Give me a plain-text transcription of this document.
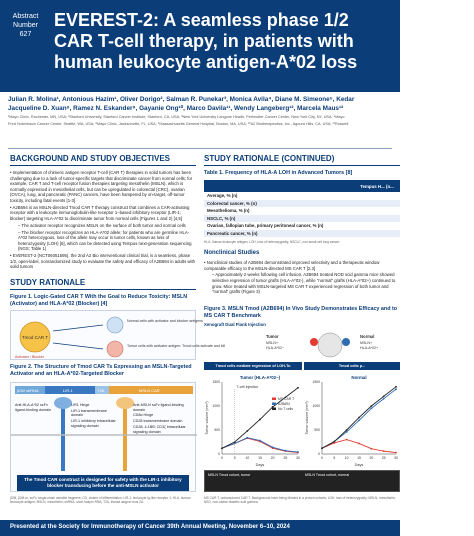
Abstract
Number
627
EVEREST-2: A seamless phase 1/2
CAR T-cell therapy, in patients with
human leukocyte antigen-A*02 loss
Julian R. Molina¹, Antonious Hazim¹, Oliver Dorigo², Salman R. Punekar³, Monica Avila⁴, Diane M. Simeone⁵, Kedar
Jacqueline D. Xuan⁸, Ramez N. Eskander⁹, Gayanie Ong¹⁰, Marco Davila¹¹, Wendy Langeberg¹², Marcela Maus¹²
¹Mayo Clinic, Rochester, MN, USA; ²Stanford University, Stanford Cancer Institute, Stanford, CA, USA; ³New York University Langone Health, Perlmutter Cancer Center, New York City, NY, USA; ⁴Mayo
Fred Hutchinson Cancer Center, Seattle, WA, USA; ⁸Mayo Clinic, Jacksonville, FL, USA; ⁹Massachusetts General Hospital, Boston, MA, USA; ¹⁰A2 Biotherapeutics, Inc., Agoura Hills, CA, USA; ¹¹Roswell
BACKGROUND AND STUDY OBJECTIVES

• Implementation of chimeric antigen receptor T-cell (CAR T) therapies in solid tumors has been challenging due to a lack of tumor-specific targets that discriminate cancer from normal cells; for example, CAR T and T-cell receptor fusion therapies targeting mesothelin (MSLN), which is normally expressed in mesothelial cells, but can be upregulated in colorectal (CRC), ovarian (OVCA), lung, and pancreatic (PANC) cancers, have been hampered by on-target, off-tumor toxicity, including fatal events [1-3]

• A2B694 is an MSLN-directed Tmod CAR T therapy construct that combines a CAR-activating receptor with a leukocyte immunoglobulin-like receptor 1–based inhibitory receptor (LIR-1; blocker) targeting HLA-A*02 to discriminate tumor from normal cells (Figures 1 and 2) [4,5]

– The activator receptor recognizes MSLN on the surface of both tumor and normal cells

– The blocker receptor recognizes an HLA-A*02 allele; for patients who are germline HLA-A*02 heterozygous, loss of the allele may occur in tumor cells, known as loss of heterozygosity (LOH) [6], which can be detected using Tempus next-generation sequencing (NGS; Table 1)

• EVEREST-2 (NCT06051695), the 2nd A2 Bio interventional clinical trial, is a seamless, phase 1/2, open-label, nonrandomized study to evaluate the safety and efficacy of A2B694 in adults with solid tumors

STUDY RATIONALE
Figure 1. Logic-Gated CAR T With the Goal to Reduce Toxicity: MSLN (Activator) and HLA-A*02 (Blocker) [4]
Tmod CAR T
Normal cells with activator and blocker antigens
Tumor cells with activator antigen: Tmod cells activate and kill
Activator / Blocker
Figure 2. The Structure of Tmod CAR Ts Expressing an MSLN-Targeted Activator and an HLA-A*02-Targeted Blocker
β2M shRNA	LIR-1	T2A	MSLN CAR

Anti-HLA-A*02 scFv ligand-binding domain

LIR1 Hinge

LIR-1 transmembrane domain

LIR-1 inhibitory intracellular signaling domain

Anti-MSLN scFv ligand-binding domain

CD8α Hinge

CD28 transmembrane domain

CD28; 4-1BB; CD3ζ intracellular signaling domain

The Tmod CAR construct is designed for safety with the LIR-1 inhibitory blocker transducing before the anti-MSLN activator
β2M, β2M-m; scFv, single-chain variable fragment; CD, cluster of differentiation; LIR-1, leukocyte Ig-like receptor 1; HLA, human leukocyte antigen; MSLN, mesothelin; shRNA, short hairpin RNA; T2A, thosea asigna virus 2A.
STUDY RATIONALE (CONTINUED)
Table 1. Frequency of HLA-A LOH in Advanced Tumors [8]
	Tempus H... (n...
Average, % (n)	
Colorectal cancer, % (n)	
Mesothelioma, % (n)	
NSCLC, % (n)	
Ovarian, fallopian tube, primary peritoneal cancer, % (n)	
Pancreatic cancer, % (n)	
HLA, human leukocyte antigen; LOH, loss of heterozygosity; NSCLC, non-small cell lung cancer.
Nonclinical Studies

• Nonclinical studies of A2B694 demonstrated improved selectivity and a therapeutic window comparable efficacy to the MSLN-directed MS CAR T [2,3]

– Approximately 2 weeks following cell infusion, A2B694 treated NOD scid gamma mice showed selective regression of tumor grafts (HLA-A*02-), while "normal" grafts (HLA-A*02+) continued to grow. Mice treated with MSLN-targeted MS CAR T experienced regression of both tumor and "normal" grafts (Figure 3)

Figure 3. MSLN Tmod (A2B694) In Vivo Study Demonstrates Efficacy and to MS CAR T Benchmark
Xenograft Dual Flank Injection
Tumor
MSLN+
HLA-A*02−
Normal
MSLN+
HLA-A*02+
Tmod cells mediate regression of LOH-Tu	Tmod cells p...
Tumor (HLA-A*02−)
0
500
1000
1500
0	5	10	15	20	25	30
Days
Tumor volume (mm³)
MS CAR T
A2B694
No T cells
T-cell injection
Normal
0
500
1000
1500
0	5	10	15	20	25	30
Days
Tumor volume (mm³)
MSLN Tmod cohort, tumor	MSLN Tmod cohort, normal
MS CAR T, untransduced CAR T. Backgrounds have being blinded in a proven cohorts; LOH, loss of heterozygosity; MSLN, mesothelin; NSG, non-obese diabetic scid gamma.
Presented at the Society for Immunotherapy of Cancer 39th Annual Meeting, November 6–10, 2024
